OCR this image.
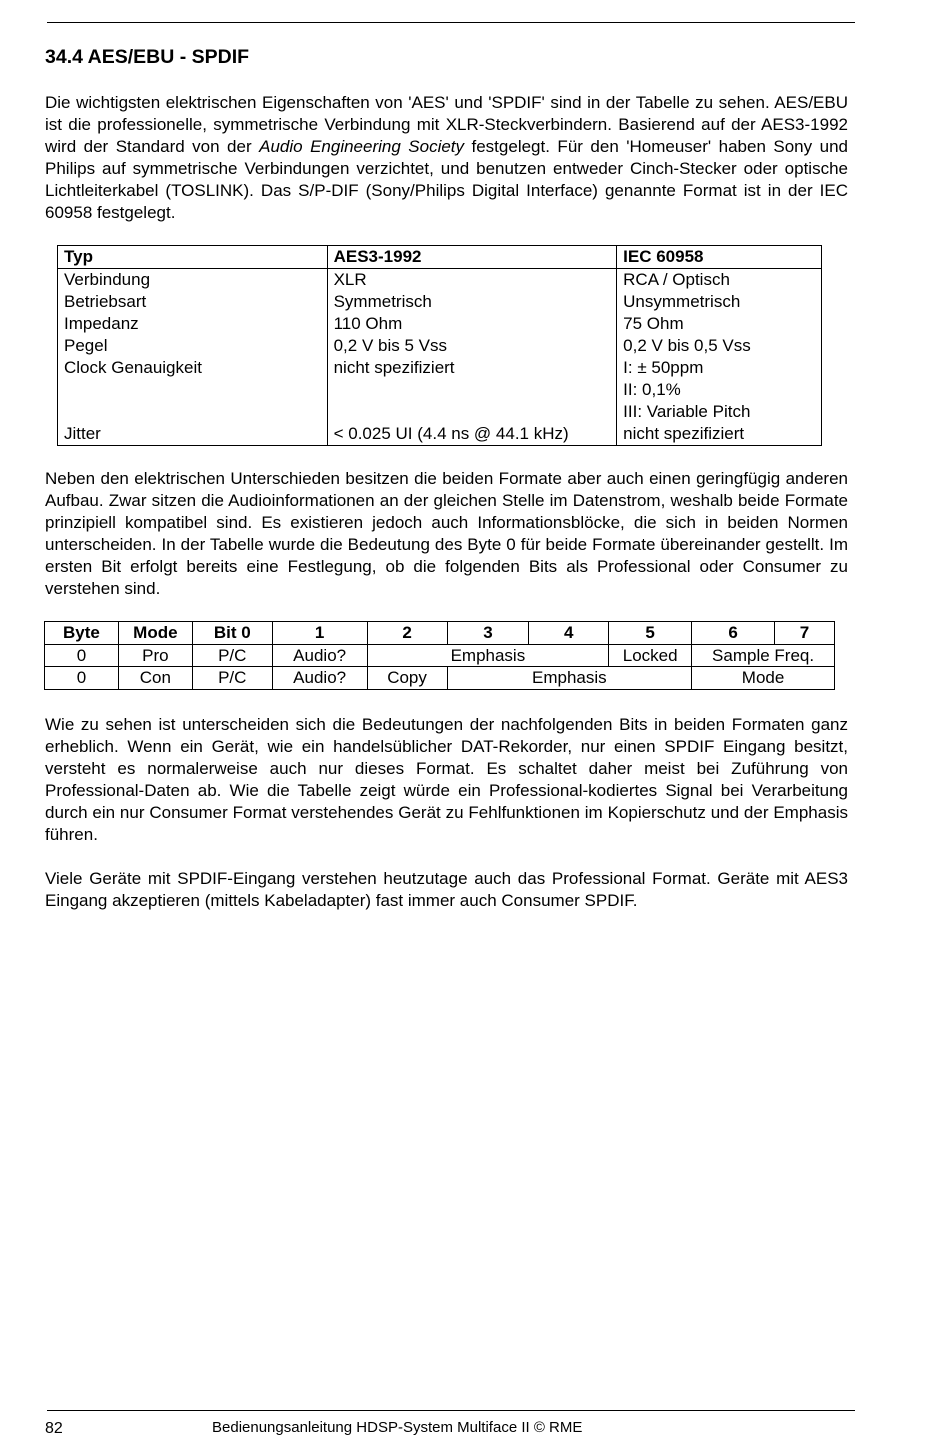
34.4 AES/EBU - SPDIF

Die wichtigsten elektrischen Eigenschaften von 'AES' und 'SPDIF' sind in der Tabelle zu sehen. AES/EBU ist die professionelle, symmetrische Verbindung mit XLR-Steckverbindern. Basierend auf der AES3-1992 wird der Standard von der Audio Engineering Society festgelegt. Für den 'Homeuser' haben Sony und Philips auf symmetrische Verbindungen verzichtet, und benutzen entweder Cinch-Stecker oder optische Lichtleiterkabel (TOSLINK). Das S/P-DIF (Sony/Philips Digital Interface) genannte Format ist in der IEC 60958 festgelegt.

Typ	AES3-1992	IEC 60958
Verbindung	XLR	RCA / Optisch
Betriebsart	Symmetrisch	Unsymmetrisch
Impedanz	110 Ohm	75 Ohm
Pegel	0,2 V bis 5 Vss	0,2 V bis 0,5 Vss
Clock Genauigkeit	nicht spezifiziert	I: ± 50ppm
		II: 0,1%
		III: Variable Pitch
Jitter	< 0.025 UI (4.4 ns @ 44.1 kHz)	nicht spezifiziert

Neben den elektrischen Unterschieden besitzen die beiden Formate aber auch einen geringfügig anderen Aufbau. Zwar sitzen die Audioinformationen an der gleichen Stelle im Datenstrom, weshalb beide Formate prinzipiell kompatibel sind. Es existieren jedoch auch Informationsblöcke, die sich in beiden Normen unterscheiden. In der Tabelle wurde die Bedeutung des Byte 0 für beide Formate übereinander gestellt. Im ersten Bit erfolgt bereits eine Festlegung, ob die folgenden Bits als Professional oder Consumer zu verstehen sind.

Byte	Mode	Bit 0	1	2	3	4	5	6	7
0	Pro	P/C	Audio?	Emphasis			Locked	Sample Freq.	
0	Con	P/C	Audio?	Copy	Emphasis			Mode	

Wie zu sehen ist unterscheiden sich die Bedeutungen der nachfolgenden Bits in beiden Formaten ganz erheblich. Wenn ein Gerät, wie ein handelsüblicher DAT-Rekorder, nur einen SPDIF Eingang besitzt, versteht es normalerweise auch nur dieses Format. Es schaltet daher meist bei Zuführung von Professional-Daten ab. Wie die Tabelle zeigt würde ein Professional-kodiertes Signal bei Verarbeitung durch ein nur Consumer Format verstehendes Gerät zu Fehlfunktionen im Kopierschutz und der Emphasis führen.

Viele Geräte mit SPDIF-Eingang verstehen heutzutage auch das Professional Format. Geräte mit AES3 Eingang akzeptieren (mittels Kabeladapter) fast immer auch Consumer SPDIF.

82	Bedienungsanleitung HDSP-System Multiface II © RME
